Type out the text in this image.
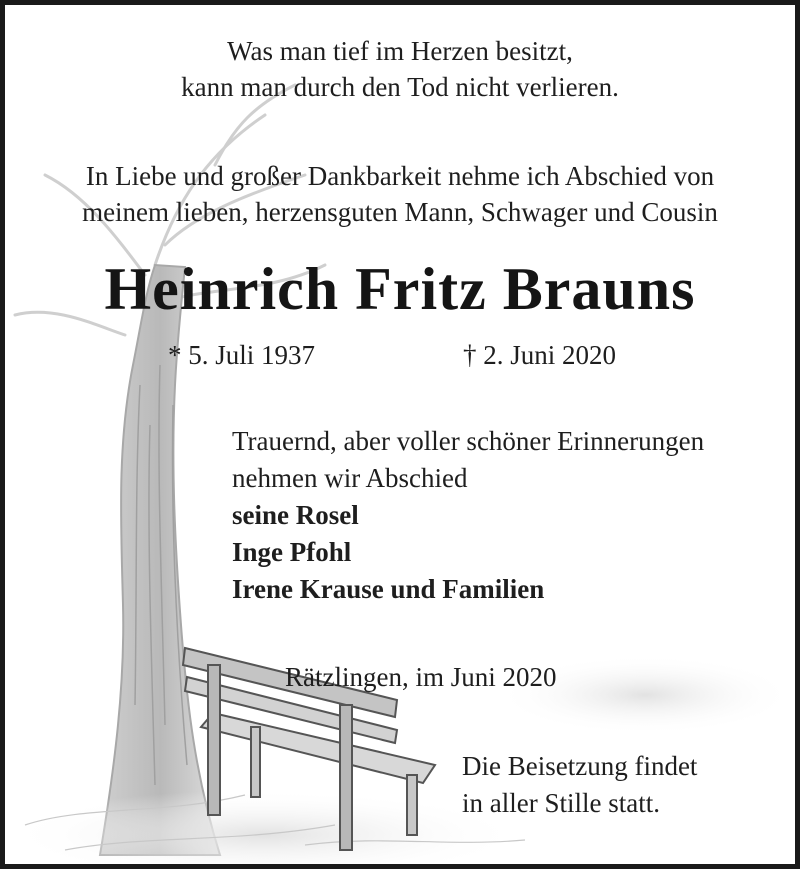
Was man tief im Herzen besitzt,
kann man durch den Tod nicht verlieren.
In Liebe und großer Dankbarkeit nehme ich Abschied von
meinem lieben, herzensguten Mann, Schwager und Cousin
Heinrich Fritz Brauns
* 5. Juli 1937	† 2. Juni 2020
Trauernd, aber voller schöner Erinnerungen
nehmen wir Abschied
seine Rosel
Inge Pfohl
Irene Krause und Familien
Rätzlingen, im Juni 2020
Die Beisetzung findet
in aller Stille statt.
